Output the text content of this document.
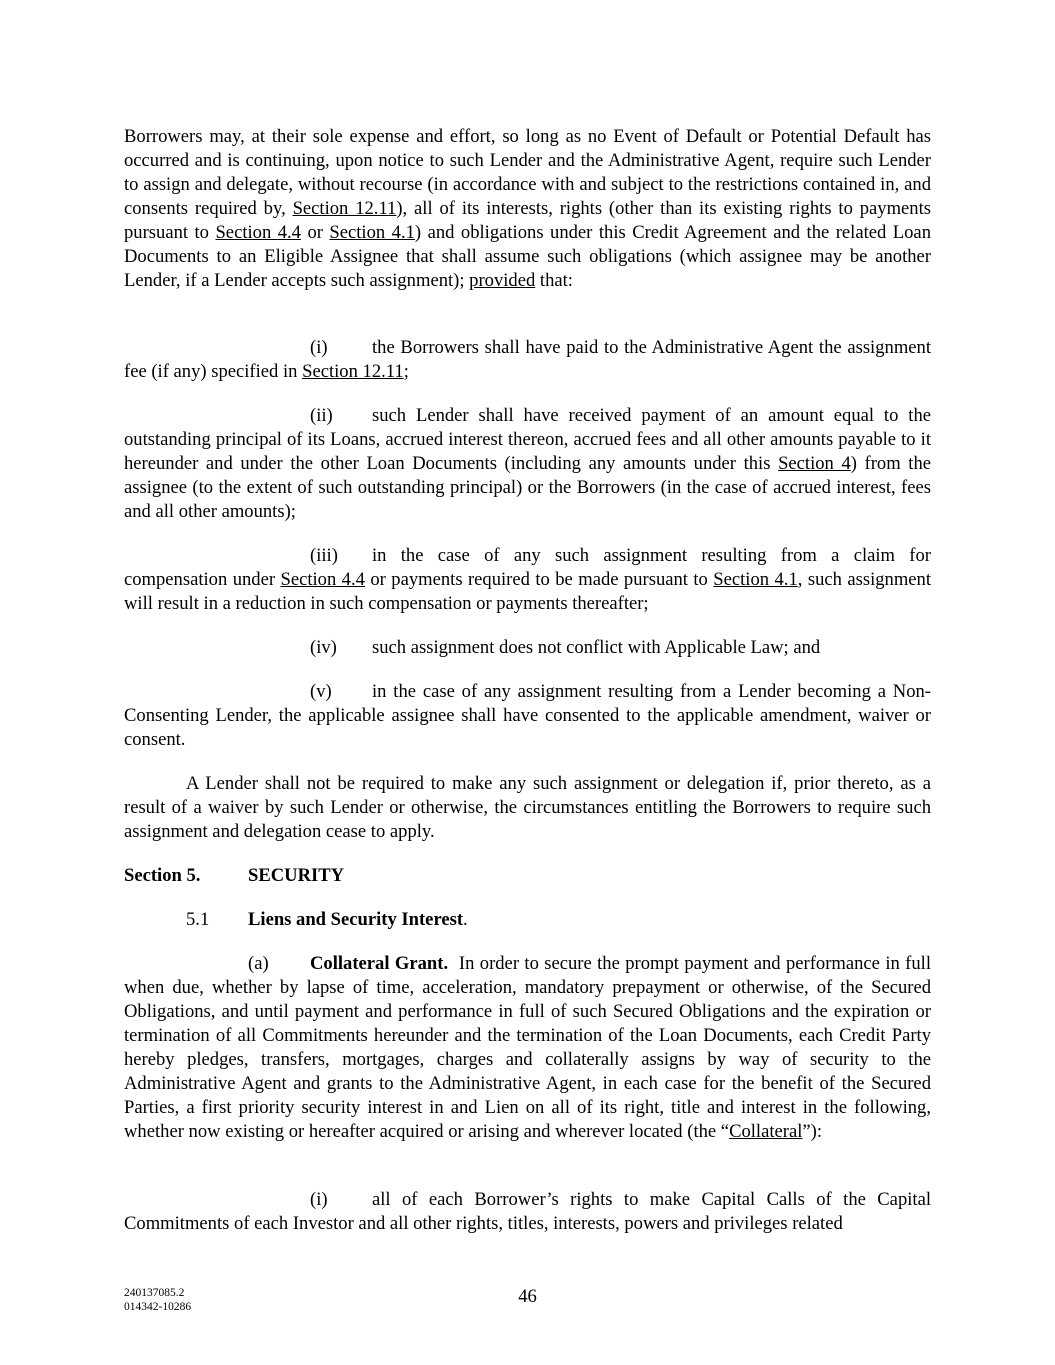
Borrowers may, at their sole expense and effort, so long as no Event of Default or Potential Default has occurred and is continuing, upon notice to such Lender and the Administrative Agent, require such Lender to assign and delegate, without recourse (in accordance with and subject to the restrictions contained in, and consents required by, Section 12.11), all of its interests, rights (other than its existing rights to payments pursuant to Section 4.4 or Section 4.1) and obligations under this Credit Agreement and the related Loan Documents to an Eligible Assignee that shall assume such obligations (which assignee may be another Lender, if a Lender accepts such assignment); provided that:

(i) the Borrowers shall have paid to the Administrative Agent the assignment fee (if any) specified in Section 12.11;

(ii) such Lender shall have received payment of an amount equal to the outstanding principal of its Loans, accrued interest thereon, accrued fees and all other amounts payable to it hereunder and under the other Loan Documents (including any amounts under this Section 4) from the assignee (to the extent of such outstanding principal) or the Borrowers (in the case of accrued interest, fees and all other amounts);

(iii) in the case of any such assignment resulting from a claim for compensation under Section 4.4 or payments required to be made pursuant to Section 4.1, such assignment will result in a reduction in such compensation or payments thereafter;

(iv) such assignment does not conflict with Applicable Law; and

(v) in the case of any assignment resulting from a Lender becoming a Non-Consenting Lender, the applicable assignee shall have consented to the applicable amendment, waiver or consent.

A Lender shall not be required to make any such assignment or delegation if, prior thereto, as a result of a waiver by such Lender or otherwise, the circumstances entitling the Borrowers to require such assignment and delegation cease to apply.

Section 5.	SECURITY

5.1 Liens and Security Interest.

(a) Collateral Grant.  In order to secure the prompt payment and performance in full when due, whether by lapse of time, acceleration, mandatory prepayment or otherwise, of the Secured Obligations, and until payment and performance in full of such Secured Obligations and the expiration or termination of all Commitments hereunder and the termination of the Loan Documents, each Credit Party hereby pledges, transfers, mortgages, charges and collaterally assigns by way of security to the Administrative Agent and grants to the Administrative Agent, in each case for the benefit of the Secured Parties, a first priority security interest in and Lien on all of its right, title and interest in the following, whether now existing or hereafter acquired or arising and wherever located (the “Collateral”):

(i) all of each Borrower’s rights to make Capital Calls of the Capital Commitments of each Investor and all other rights, titles, interests, powers and privileges related

240137085.2
014342-10286	46
